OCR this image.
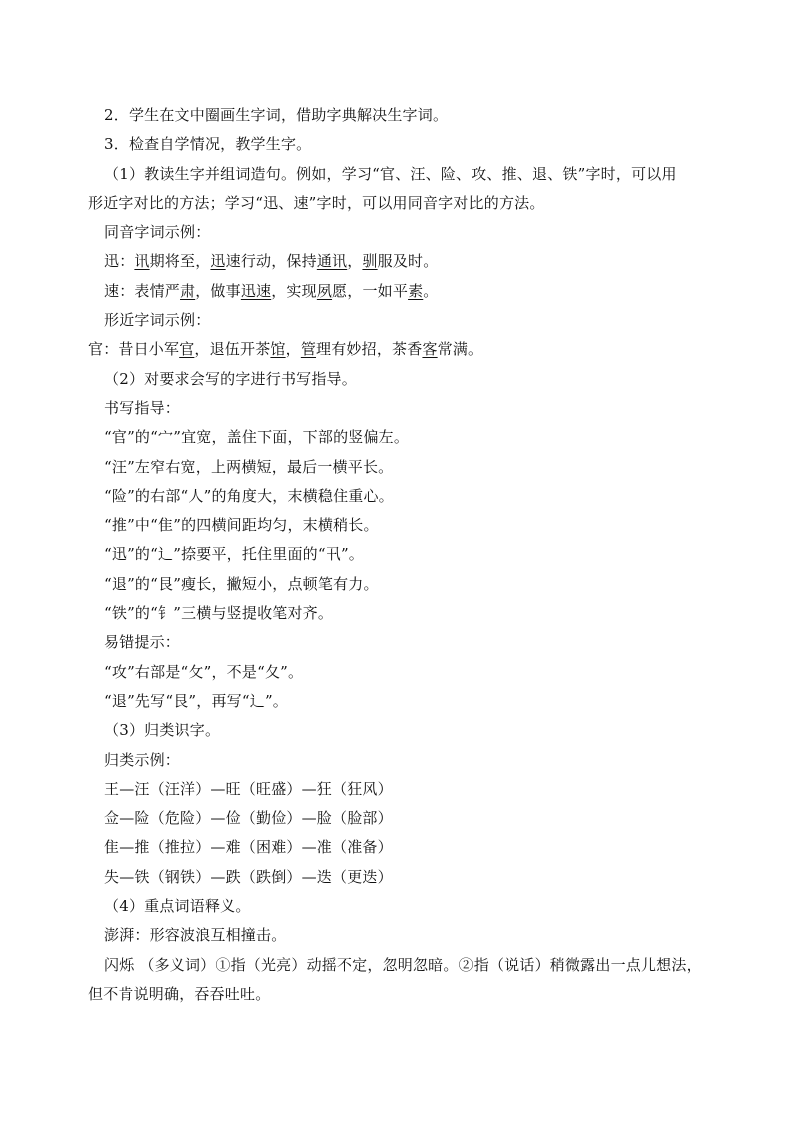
2．学生在文中圈画生字词，借助字典解决生字词。
3．检查自学情况，教学生字。
（1）教读生字并组词造句。例如，学习“官、汪、险、攻、推、退、铁”字时，可以用
形近字对比的方法；学习“迅、速”字时，可以用同音字对比的方法。
同音字词示例：
迅：讯期将至，迅速行动，保持通讯，驯服及时。
速：表情严肃，做事迅速，实现夙愿，一如平素。
形近字词示例：
官：昔日小军官，退伍开茶馆，管理有妙招，茶香客常满。
（2）对要求会写的字进行书写指导。
书写指导：
“官”的“宀”宜宽，盖住下面，下部的竖偏左。
“汪”左窄右宽，上两横短，最后一横平长。
“险”的右部“人”的角度大，末横稳住重心。
“推”中“隹”的四横间距均匀，末横稍长。
“迅”的“辶”捺要平，托住里面的“卂”。
“退”的“艮”瘦长，撇短小，点顿笔有力。
“铁”的“钅”三横与竖提收笔对齐。
易错提示：
“攻”右部是“攵”，不是“夂”。
“退”先写“艮”，再写“辶”。
（3）归类识字。
归类示例：
王—汪（汪洋）—旺（旺盛）—狂（狂风）
佥—险（危险）—俭（勤俭）—脸（脸部）
隹—推（推拉）—难（困难）—准（准备）
失—铁（钢铁）—跌（跌倒）—迭（更迭）
（4）重点词语释义。
澎湃：形容波浪互相撞击。
闪烁 （多义词）①指（光亮）动摇不定，忽明忽暗。②指（说话）稍微露出一点儿想法，
但不肯说明确，吞吞吐吐。
